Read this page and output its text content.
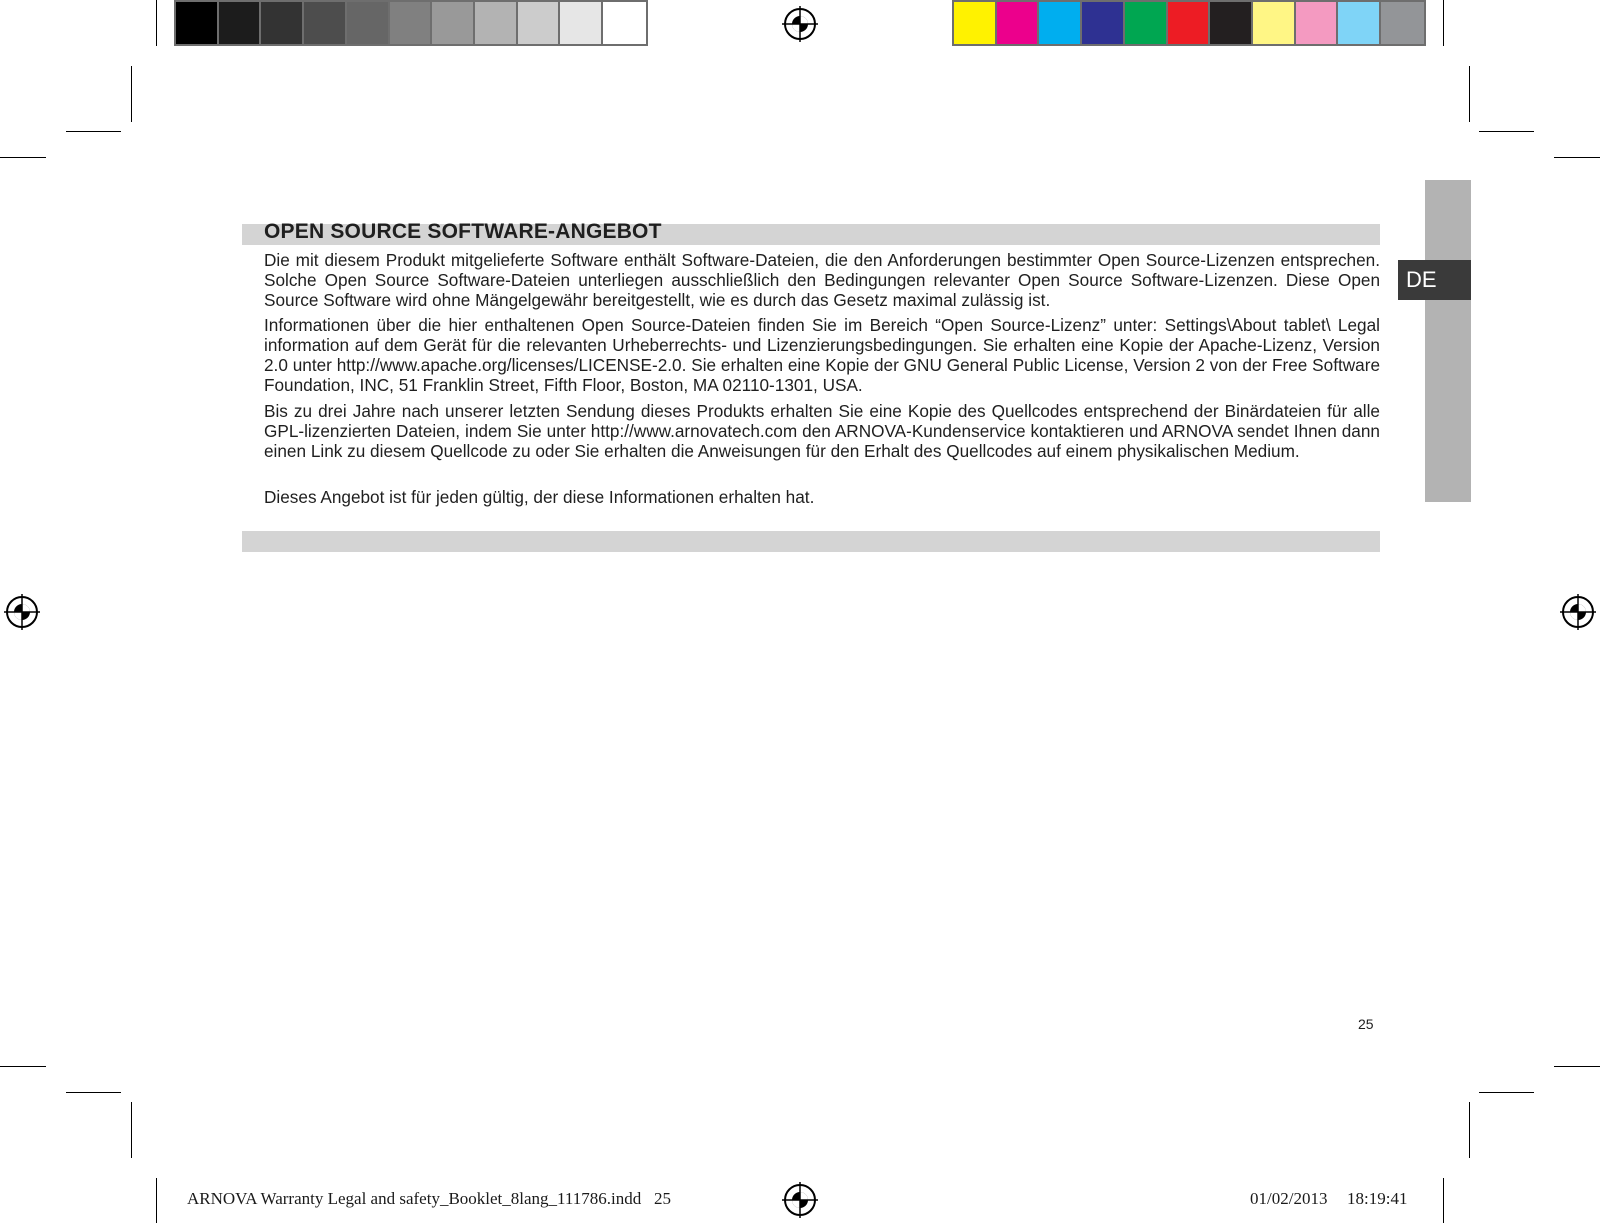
DE
OPEN SOURCE SOFTWARE-ANGEBOT

Die mit diesem Produkt mitgelieferte Software enthält Software-Dateien, die den Anforderungen bestimmter Open Source-Lizenzen entsprechen. Solche Open Source Software-Dateien unterliegen ausschließlich den Bedingungen relevanter Open Source Software-Lizenzen. Diese Open Source Software wird ohne Mängelgewähr bereitgestellt, wie es durch das Gesetz maximal zulässig ist.

Informationen über die hier enthaltenen Open Source-Dateien finden Sie im Bereich “Open Source-Lizenz” unter: Settings\About tablet\ Legal information auf dem Gerät für die relevanten Urheberrechts- und Lizenzierungsbedingungen. Sie erhalten eine Kopie der Apache-Lizenz, Version 2.0 unter http://www.apache.org/licenses/LICENSE-2.0. Sie erhalten eine Kopie der GNU General Public License, Version 2 von der Free Software Foundation, INC, 51 Franklin Street, Fifth Floor, Boston, MA 02110-1301, USA.

Bis zu drei Jahre nach unserer letzten Sendung dieses Produkts erhalten Sie eine Kopie des Quellcodes entsprechend der Binärdateien für alle GPL-lizenzierten Dateien, indem Sie unter http://www.arnovatech.com den ARNOVA-Kundenservice kontaktieren und ARNOVA sendet Ihnen dann einen Link zu diesem Quellcode zu oder Sie erhalten die Anweisungen für den Erhalt des Quellcodes auf einem physikalischen Medium.

Dieses Angebot ist für jeden gültig, der diese Informationen erhalten hat.

25
ARNOVA Warranty Legal and safety_Booklet_8lang_111786.indd   25	01/02/2013 18:19:41
